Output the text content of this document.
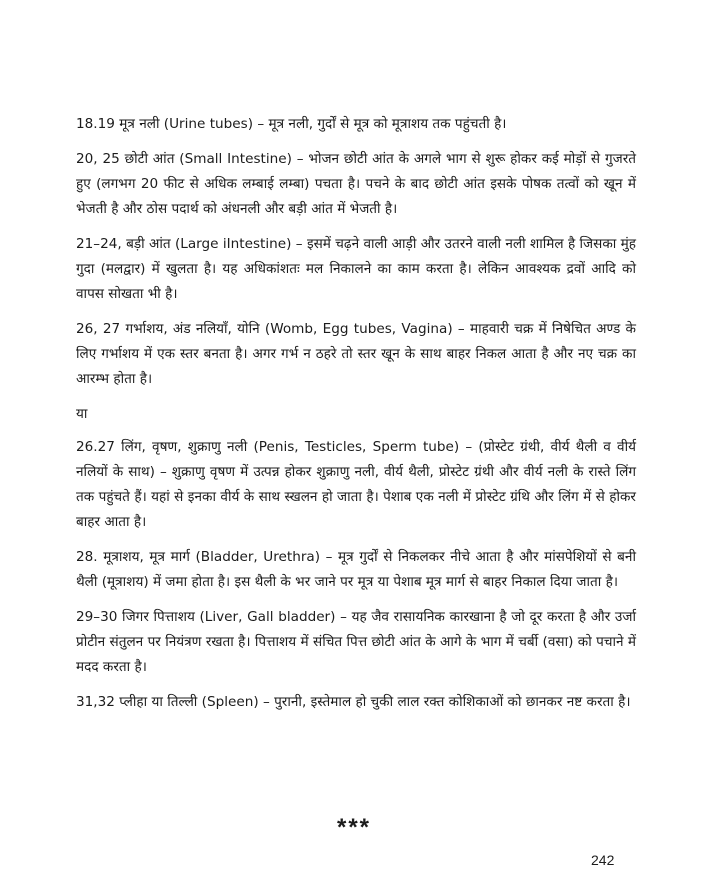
18.19 मूत्र नली (Urine tubes) – मूत्र नली, गुर्दों से मूत्र को मूत्राशय तक पहुंचती है।

20, 25 छोटी आंत (Small Intestine) – भोजन छोटी आंत के अगले भाग से शुरू होकर कई मोड़ों से गुजरते हुए (लगभग 20 फीट से अधिक लम्बाई लम्बा) पचता है। पचने के बाद छोटी आंत इसके पोषक तत्वों को खून में भेजती है और ठोस पदार्थ को अंधनली और बड़ी आंत में भेजती है।

21–24, बड़ी आंत (Large iIntestine) – इसमें चढ़ने वाली आड़ी और उतरने वाली नली शामिल है जिसका मुंह गुदा (मलद्वार) में खुलता है। यह अधिकांशतः मल निकालने का काम करता है। लेकिन आवश्यक द्रवों आदि को वापस सोखता भी है।

26, 27 गर्भाशय, अंड नलियाँ, योनि (Womb, Egg tubes, Vagina) – माहवारी चक्र में निषेचित अण्ड के लिए गर्भाशय में एक स्तर बनता है। अगर गर्भ न ठहरे तो स्तर खून के साथ बाहर निकल आता है और नए चक्र का आरम्भ होता है।

या

26.27 लिंग, वृषण, शुक्राणु नली (Penis, Testicles, Sperm tube) – (प्रोस्टेट ग्रंथी, वीर्य थैली व वीर्य नलियों के साथ) – शुक्राणु वृषण में उत्पन्न होकर शुक्राणु नली, वीर्य थैली, प्रोस्टेट ग्रंथी और वीर्य नली के रास्ते लिंग तक पहुंचते हैं। यहां से इनका वीर्य के साथ स्खलन हो जाता है। पेशाब एक नली में प्रोस्टेट ग्रंथि और लिंग में से होकर बाहर आता है।

28. मूत्राशय, मूत्र मार्ग (Bladder, Urethra) – मूत्र गुर्दों से निकलकर नीचे आता है और मांसपेशियों से बनी थैली (मूत्राशय) में जमा होता है। इस थैली के भर जाने पर मूत्र या पेशाब मूत्र मार्ग से बाहर निकाल दिया जाता है।

29–30 जिगर पित्ताशय (Liver, Gall bladder) – यह जैव रासायनिक कारखाना है जो दूर करता है और उर्जा प्रोटीन संतुलन पर नियंत्रण रखता है। पित्ताशय में संचित पित्त छोटी आंत के आगे के भाग में चर्बी (वसा) को पचाने में मदद करता है।

31,32 प्लीहा या तिल्ली (Spleen) – पुरानी, इस्तेमाल हो चुकी लाल रक्त कोशिकाओं को छानकर नष्ट करता है।

***
242
